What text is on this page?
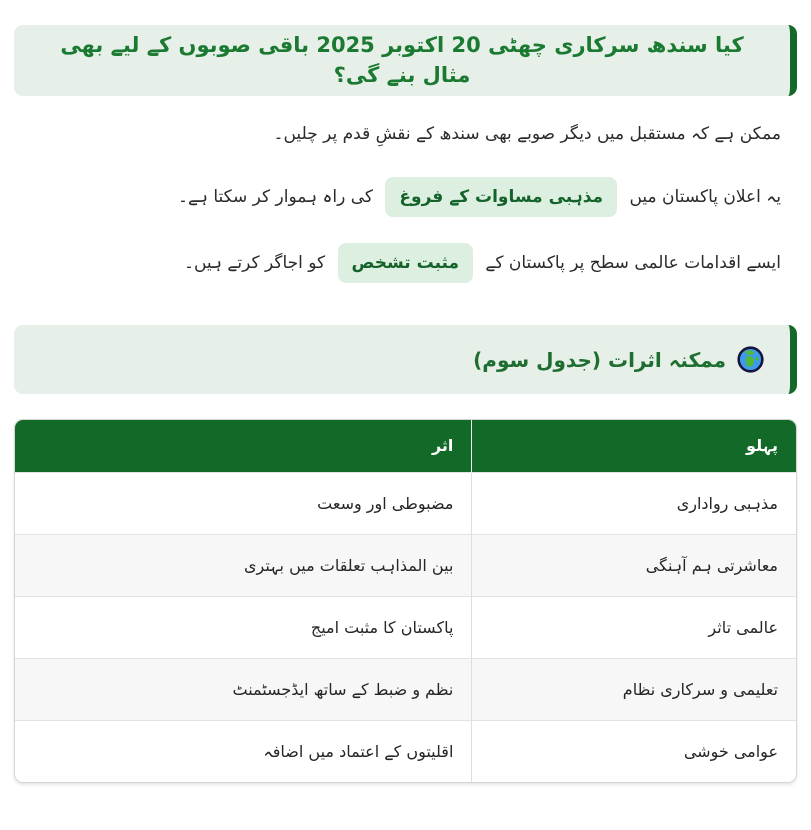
کیا سندھ سرکاری چھٹی 20 اکتوبر 2025 باقی صوبوں کے لیے بھی مثال بنے گی؟

ممکن ہے کہ مستقبل میں دیگر صوبے بھی سندھ کے نقشِ قدم پر چلیں۔

یہ اعلان پاکستان میں مذہبی مساوات کے فروغ کی راہ ہموار کر سکتا ہے۔

ایسے اقدامات عالمی سطح پر پاکستان کے مثبت تشخص کو اجاگر کرتے ہیں۔

ممکنہ اثرات (جدول سوم)
پہلو	اثر
مذہبی رواداری	مضبوطی اور وسعت
معاشرتی ہم آہنگی	بین المذاہب تعلقات میں بہتری
عالمی تاثر	پاکستان کا مثبت امیج
تعلیمی و سرکاری نظام	نظم و ضبط کے ساتھ ایڈجسٹمنٹ
عوامی خوشی	اقلیتوں کے اعتماد میں اضافہ
